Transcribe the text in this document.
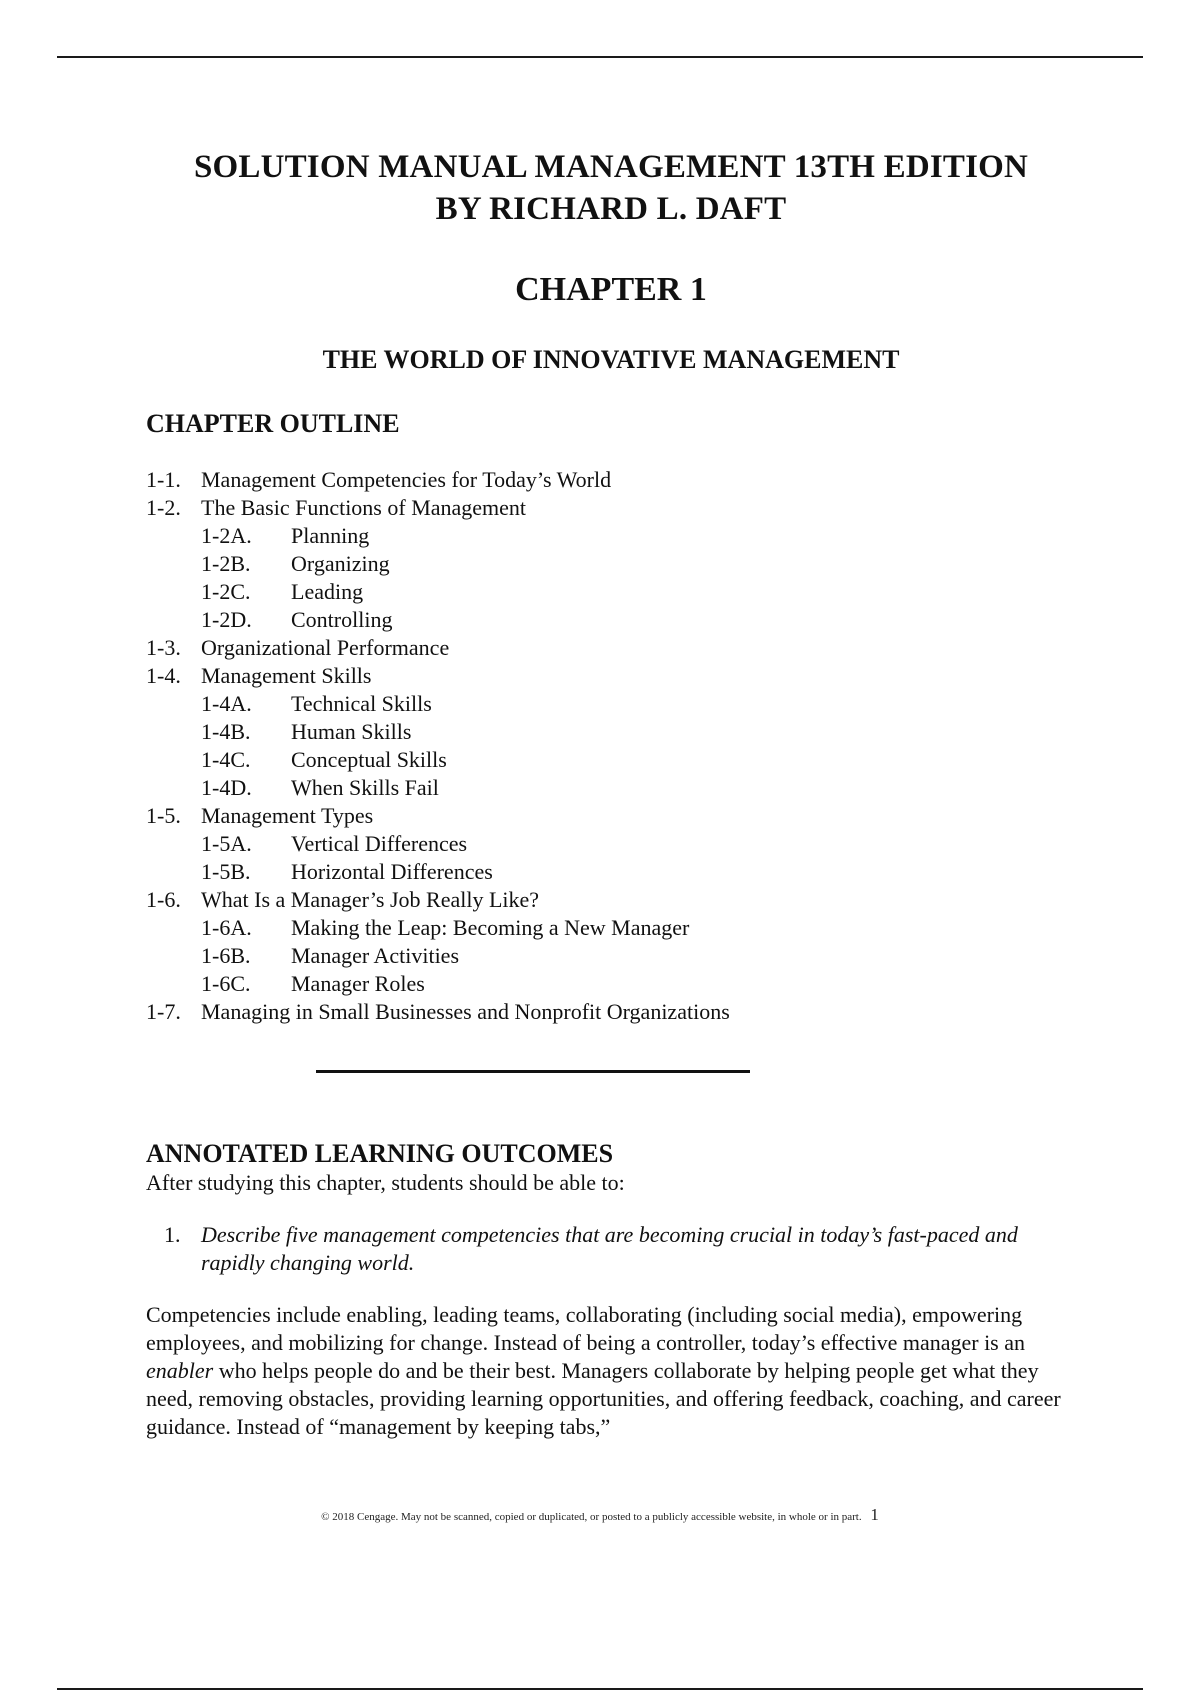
SOLUTION MANUAL MANAGEMENT 13TH EDITION
BY RICHARD L. DAFT
CHAPTER 1
THE WORLD OF INNOVATIVE MANAGEMENT
CHAPTER OUTLINE
1-1. Management Competencies for Today’s World
1-2. The Basic Functions of Management
1-2A.	Planning
1-2B.	Organizing
1-2C.	Leading
1-2D.	Controlling
1-3. Organizational Performance
1-4. Management Skills
1-4A.	Technical Skills
1-4B.	Human Skills
1-4C.	Conceptual Skills
1-4D.	When Skills Fail
1-5. Management Types
1-5A.	Vertical Differences
1-5B.	Horizontal Differences
1-6. What Is a Manager’s Job Really Like?
1-6A.	Making the Leap: Becoming a New Manager
1-6B.	Manager Activities
1-6C.	Manager Roles
1-7. Managing in Small Businesses and Nonprofit Organizations
ANNOTATED LEARNING OUTCOMES

After studying this chapter, students should be able to:

1. Describe five management competencies that are becoming crucial in today’s fast-paced and rapidly changing world.
Competencies include enabling, leading teams, collaborating (including social media), empowering employees, and mobilizing for change. Instead of being a controller, today’s effective manager is an enabler who helps people do and be their best. Managers collaborate by helping people get what they need, removing obstacles, providing learning opportunities, and offering feedback, coaching, and career guidance. Instead of “management by keeping tabs,”
© 2018 Cengage. May not be scanned, copied or duplicated, or posted to a publicly accessible website, in whole or in part. 1
